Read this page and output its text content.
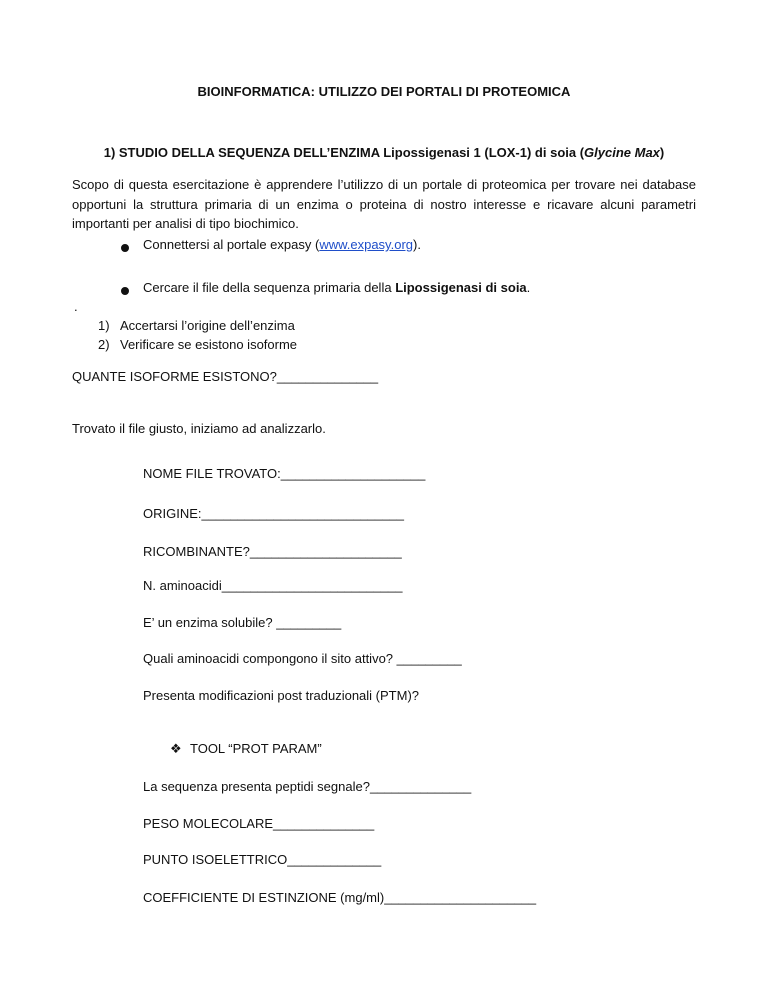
BIOINFORMATICA: UTILIZZO DEI PORTALI DI PROTEOMICA
1) STUDIO DELLA SEQUENZA DELL’ENZIMA Lipossigenasi 1 (LOX-1) di soia (Glycine Max)
Scopo di questa esercitazione è apprendere l’utilizzo di un portale di proteomica per trovare nei database opportuni la struttura primaria di un enzima o proteina di nostro interesse e ricavare alcuni parametri importanti per analisi di tipo biochimico.
Connettersi al portale expasy (www.expasy.org).
Cercare il file della sequenza primaria della Lipossigenasi di soia.
.
1) Accertarsi l’origine dell’enzima
2) Verificare se esistono isoforme
QUANTE ISOFORME ESISTONO?______________
Trovato il file giusto, iniziamo ad analizzarlo.
NOME FILE TROVATO:____________________
ORIGINE:____________________________
RICOMBINANTE?_____________________
N. aminoacidi_________________________
E’ un enzima solubile? _________
Quali aminoacidi compongono il sito attivo? _________
Presenta modificazioni post traduzionali (PTM)?
❖ TOOL “PROT PARAM”
La sequenza presenta peptidi segnale?______________
PESO MOLECOLARE______________
PUNTO ISOELETTRICO_____________
COEFFICIENTE DI ESTINZIONE (mg/ml)_____________________
